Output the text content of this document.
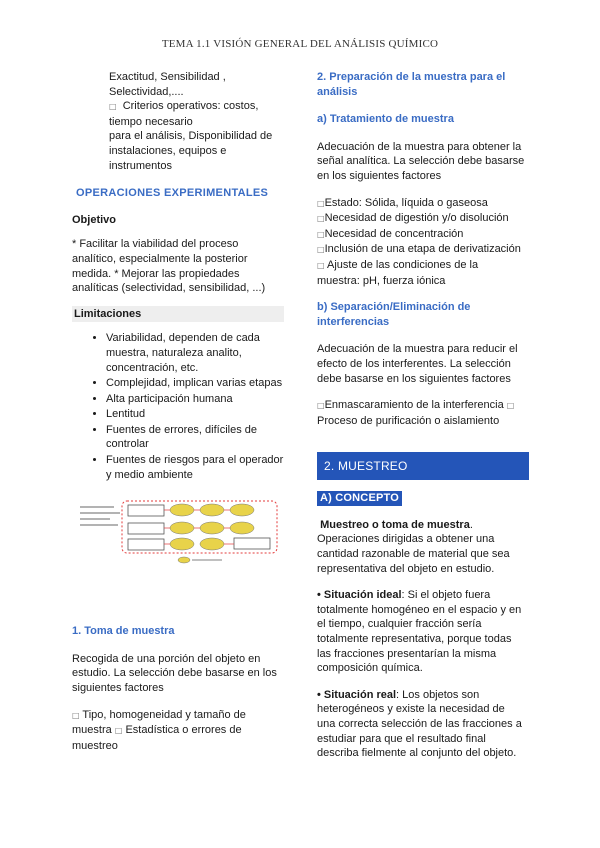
TEMA 1.1 VISIÓN GENERAL DEL ANÁLISIS QUÍMICO

Exactitud, Sensibilidad ,

Selectividad,....

□ Criterios operativos: costos,

tiempo necesario

para el análisis, Disponibilidad de

instalaciones, equipos e

instrumentos

OPERACIONES EXPERIMENTALES

Objetivo

* Facilitar la viabilidad del proceso

analítico, especialmente la posterior

medida. * Mejorar las propiedades

analíticas (selectividad, sensibilidad, ...)

Limitaciones

• Variabilidad, dependen de cada muestra, naturaleza analito, concentración, etc.
• Complejidad, implican varias etapas
• Alta participación humana
• Lentitud
• Fuentes de errores, difíciles de controlar
• Fuentes de riesgos para el operador y medio ambiente

1. Toma de muestra

Recogida de una porción del objeto en

estudio. La selección debe basarse en los

siguientes factores

□ Tipo, homogeneidad y tamaño de

muestra □ Estadística o errores de

muestreo

2. Preparación de la muestra para el análisis

a) Tratamiento de muestra

Adecuación de la muestra para obtener la

señal analítica. La selección debe basarse

en los siguientes factores

□Estado: Sólida, líquida o gaseosa

□Necesidad de digestión y/o disolución

□Necesidad de concentración

□Inclusión de una etapa de derivatización

□ Ajuste de las condiciones de la

muestra: pH, fuerza iónica

b) Separación/Eliminación de interferencias

Adecuación de la muestra para reducir el

efecto de los interferentes. La selección

debe basarse en los siguientes factores

□Enmascaramiento de la interferencia □

Proceso de purificación o aislamiento

2. MUESTREO

A) CONCEPTO

Muestreo o toma de muestra.

Operaciones dirigidas a obtener una

cantidad razonable de material que sea

representativa del objeto en estudio.

• Situación ideal: Si el objeto fuera

totalmente homogéneo en el espacio y en

el tiempo, cualquier fracción sería

totalmente representativa, porque todas

las fracciones presentarían la misma

composición química.

• Situación real: Los objetos son

heterogéneos y existe la necesidad de

una correcta selección de las fracciones a

estudiar para que el resultado final

describa fielmente al conjunto del objeto.
